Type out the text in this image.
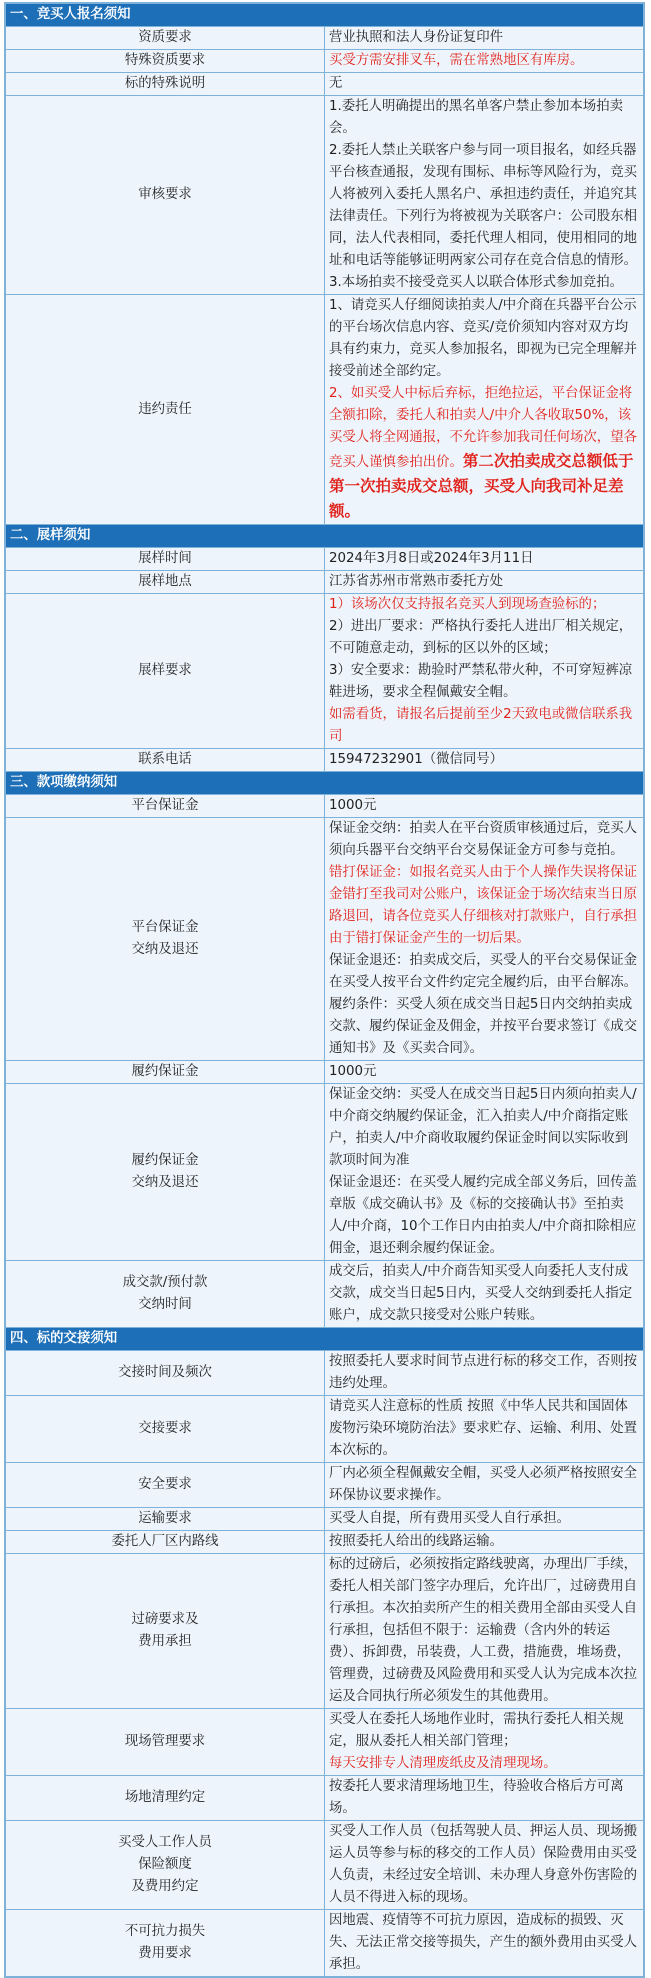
一、竞买人报名须知	

资质要求	营业执照和法人身份证复印件

特殊资质要求	买受方需安排叉车，需在常熟地区有库房。

标的特殊说明	无

审核要求	1.委托人明确提出的黑名单客户禁止参加本场拍卖会。
2.委托人禁止关联客户参与同一项目报名，如经兵器平台核查通报，发现有围标、串标等风险行为，竞买人将被列入委托人黑名户、承担违约责任，并追究其法律责任。下列行为将被视为关联客户：公司股东相同，法人代表相同，委托代理人相同，使用相同的地址和电话等能够证明两家公司存在竞合信息的情形。
3.本场拍卖不接受竞买人以联合体形式参加竞拍。

违约责任	1、请竞买人仔细阅读拍卖人/中介商在兵器平台公示的平台场次信息内容、竞买/竞价须知内容对双方均具有约束力，竞买人参加报名，即视为已完全理解并接受前述全部约定。
2、如买受人中标后弃标，拒绝拉运，平台保证金将全额扣除，委托人和拍卖人/中介人各收取50%，该买受人将全网通报，不允许参加我司任何场次，望各竞买人谨慎参拍出价。第二次拍卖成交总额低于第一次拍卖成交总额，买受人向我司补足差额。
二、展样须知	

展样时间	2024年3月8日或2024年3月11日

展样地点	江苏省苏州市常熟市委托方处

展样要求	1）该场次仅支持报名竞买人到现场查验标的；
2）进出厂要求：严格执行委托人进出厂相关规定，不可随意走动，到标的区以外的区域；
3）安全要求：勘验时严禁私带火种，不可穿短裤凉鞋进场，要求全程佩戴安全帽。
如需看货，请报名后提前至少2天致电或微信联系我司

联系电话	15947232901（微信同号）

三、款项缴纳须知	

平台保证金	1000元

平台保证金
交纳及退还	保证金交纳：拍卖人在平台资质审核通过后，竞买人须向兵器平台交纳平台交易保证金方可参与竞拍。
错打保证金：如报名竞买人由于个人操作失误将保证金错打至我司对公账户，该保证金于场次结束当日原路退回，请各位竞买人仔细核对打款账户，自行承担由于错打保证金产生的一切后果。
保证金退还：拍卖成交后，买受人的平台交易保证金在买受人按平台文件约定完全履约后，由平台解冻。
履约条件：买受人须在成交当日起5日内交纳拍卖成交款、履约保证金及佣金，并按平台要求签订《成交通知书》及《买卖合同》。

履约保证金	1000元

履约保证金
交纳及退还	保证金交纳：买受人在成交当日起5日内须向拍卖人/中介商交纳履约保证金，汇入拍卖人/中介商指定账户，拍卖人/中介商收取履约保证金时间以实际收到款项时间为准
保证金退还：在买受人履约完成全部义务后，回传盖章版《成交确认书》及《标的交接确认书》至拍卖人/中介商，10个工作日内由拍卖人/中介商扣除相应佣金，退还剩余履约保证金。

成交款/预付款
交纳时间	成交后，拍卖人/中介商告知买受人向委托人支付成交款，成交当日起5日内，买受人交纳到委托人指定账户，成交款只接受对公账户转账。

四、标的交接须知	

交接时间及频次	按照委托人要求时间节点进行标的移交工作，否则按违约处理。

交接要求	请竞买人注意标的性质 按照《中华人民共和国固体废物污染环境防治法》要求贮存、运输、利用、处置本次标的。

安全要求	厂内必须全程佩戴安全帽，买受人必须严格按照安全环保协议要求操作。

运输要求	买受人自提，所有费用买受人自行承担。

委托人厂区内路线	按照委托人给出的线路运输。

过磅要求及
费用承担	标的过磅后，必须按指定路线驶离，办理出厂手续，委托人相关部门签字办理后，允许出厂，过磅费用自行承担。本次拍卖所产生的相关费用全部由买受人自行承担，包括但不限于：运输费（含内外的转运费）、拆卸费，吊装费，人工费，措施费，堆场费，管理费，过磅费及风险费用和买受人认为完成本次拉运及合同执行所必须发生的其他费用。

现场管理要求	买受人在委托人场地作业时，需执行委托人相关规定，服从委托人相关部门管理；
每天安排专人清理废纸皮及清理现场。

场地清理约定	按委托人要求清理场地卫生，待验收合格后方可离场。

买受人工作人员
保险额度
及费用约定	买受人工作人员（包括驾驶人员、押运人员、现场搬运人员等参与标的移交的工作人员）保险费用由买受人负责，未经过安全培训、未办理人身意外伤害险的人员不得进入标的现场。

不可抗力损失
费用要求	因地震、疫情等不可抗力原因，造成标的损毁、灭失、无法正常交接等损失，产生的额外费用由买受人承担。
